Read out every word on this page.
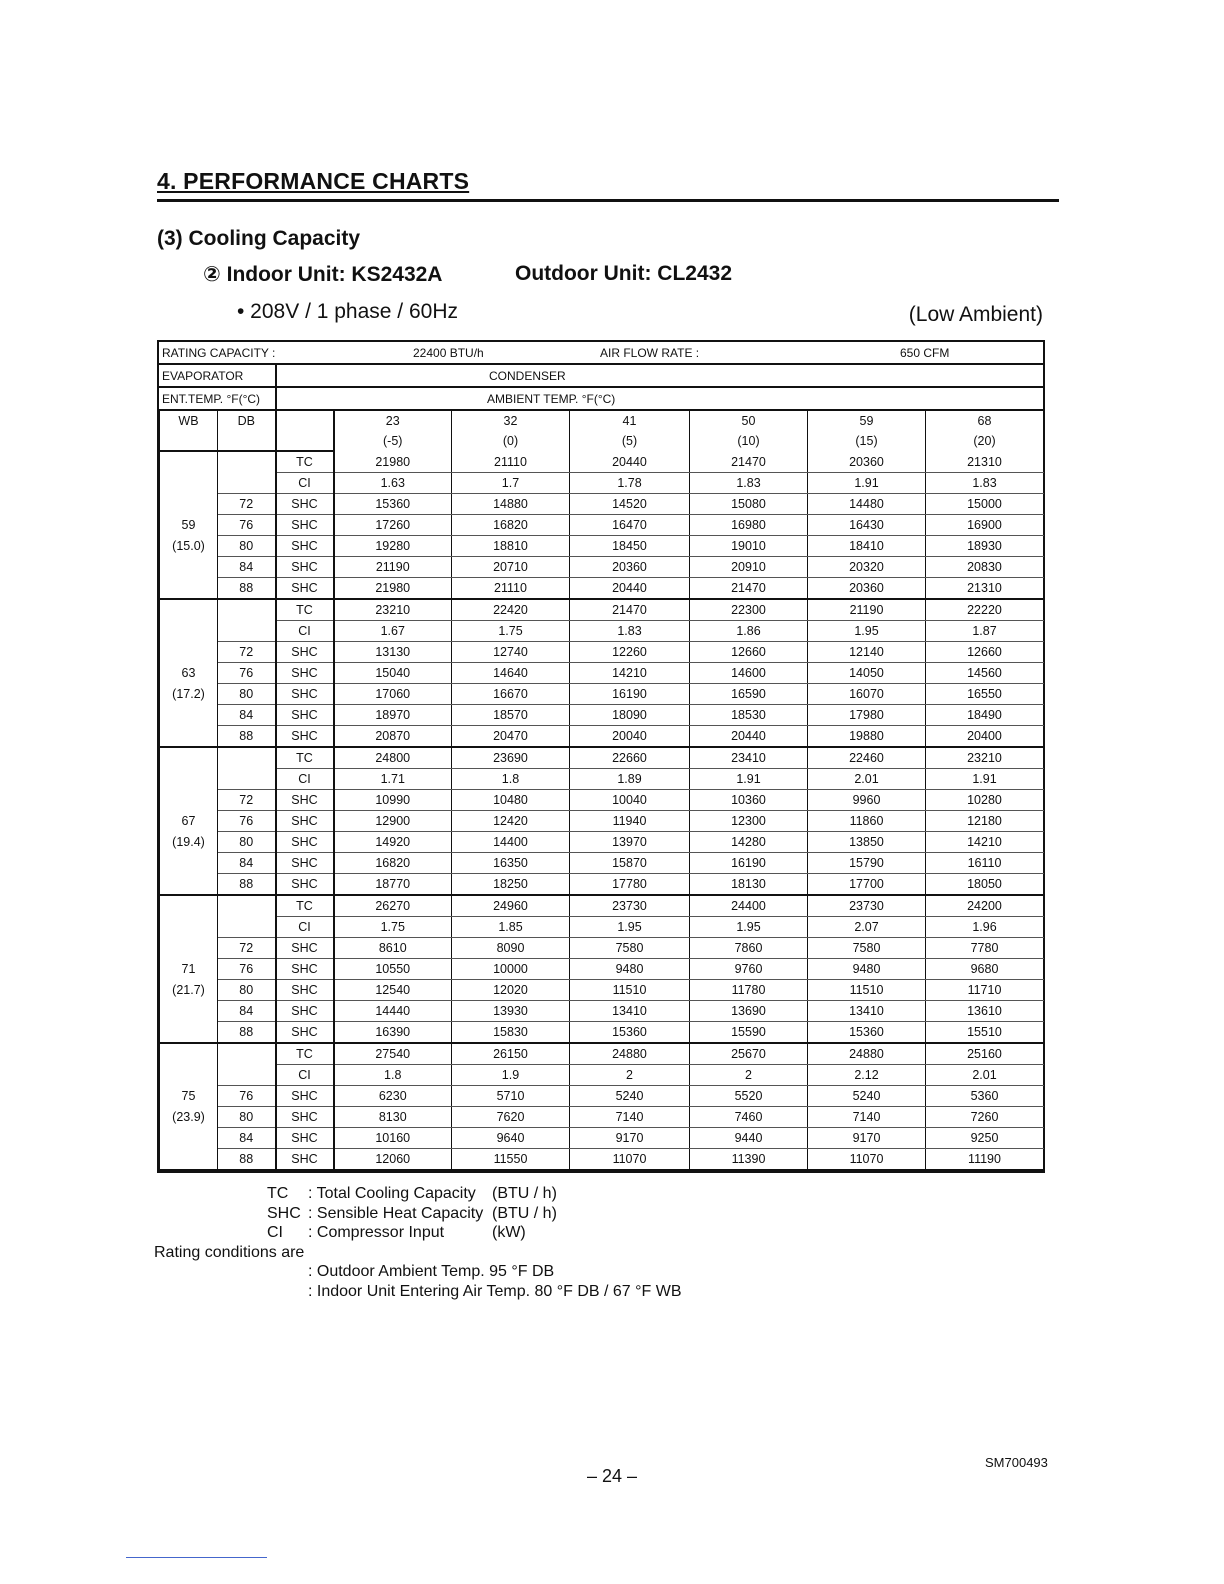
4. PERFORMANCE CHARTS
(3) Cooling Capacity
② Indoor Unit: KS2432A	Outdoor Unit: CL2432
• 208V / 1 phase / 60Hz	(Low Ambient)
RATING CAPACITY :	22400 BTU/h	AIR FLOW RATE :	650 CFM
EVAPORATOR	CONDENSER
ENT.TEMP. °F(°C)	AMBIENT TEMP. °F(°C)
WB	DB		23	32	41	50	59	68
			(-5)	(0)	(5)	(10)	(15)	(20)
		TC	21980	21110	20440	21470	20360	21310
		CI	1.63	1.7	1.78	1.83	1.91	1.83
	72	SHC	15360	14880	14520	15080	14480	15000
59	76	SHC	17260	16820	16470	16980	16430	16900
(15.0)	80	SHC	19280	18810	18450	19010	18410	18930
	84	SHC	21190	20710	20360	20910	20320	20830
	88	SHC	21980	21110	20440	21470	20360	21310
		TC	23210	22420	21470	22300	21190	22220
		CI	1.67	1.75	1.83	1.86	1.95	1.87
	72	SHC	13130	12740	12260	12660	12140	12660
63	76	SHC	15040	14640	14210	14600	14050	14560
(17.2)	80	SHC	17060	16670	16190	16590	16070	16550
	84	SHC	18970	18570	18090	18530	17980	18490
	88	SHC	20870	20470	20040	20440	19880	20400
		TC	24800	23690	22660	23410	22460	23210
		CI	1.71	1.8	1.89	1.91	2.01	1.91
	72	SHC	10990	10480	10040	10360	9960	10280
67	76	SHC	12900	12420	11940	12300	11860	12180
(19.4)	80	SHC	14920	14400	13970	14280	13850	14210
	84	SHC	16820	16350	15870	16190	15790	16110
	88	SHC	18770	18250	17780	18130	17700	18050
		TC	26270	24960	23730	24400	23730	24200
		CI	1.75	1.85	1.95	1.95	2.07	1.96
	72	SHC	8610	8090	7580	7860	7580	7780
71	76	SHC	10550	10000	9480	9760	9480	9680
(21.7)	80	SHC	12540	12020	11510	11780	11510	11710
	84	SHC	14440	13930	13410	13690	13410	13610
	88	SHC	16390	15830	15360	15590	15360	15510
		TC	27540	26150	24880	25670	24880	25160
		CI	1.8	1.9	2	2	2.12	2.01
75	76	SHC	6230	5710	5240	5520	5240	5360
(23.9)	80	SHC	8130	7620	7140	7460	7140	7260
	84	SHC	10160	9640	9170	9440	9170	9250
	88	SHC	12060	11550	11070	11390	11070	11190
TC : Total Cooling Capacity (BTU / h)
SHC : Sensible Heat Capacity (BTU / h)
CI : Compressor Input	(kW)
Rating conditions are
: Outdoor Ambient Temp. 95 °F DB
: Indoor Unit Entering Air Temp. 80 °F DB / 67 °F WB
SM700493
– 24 –
